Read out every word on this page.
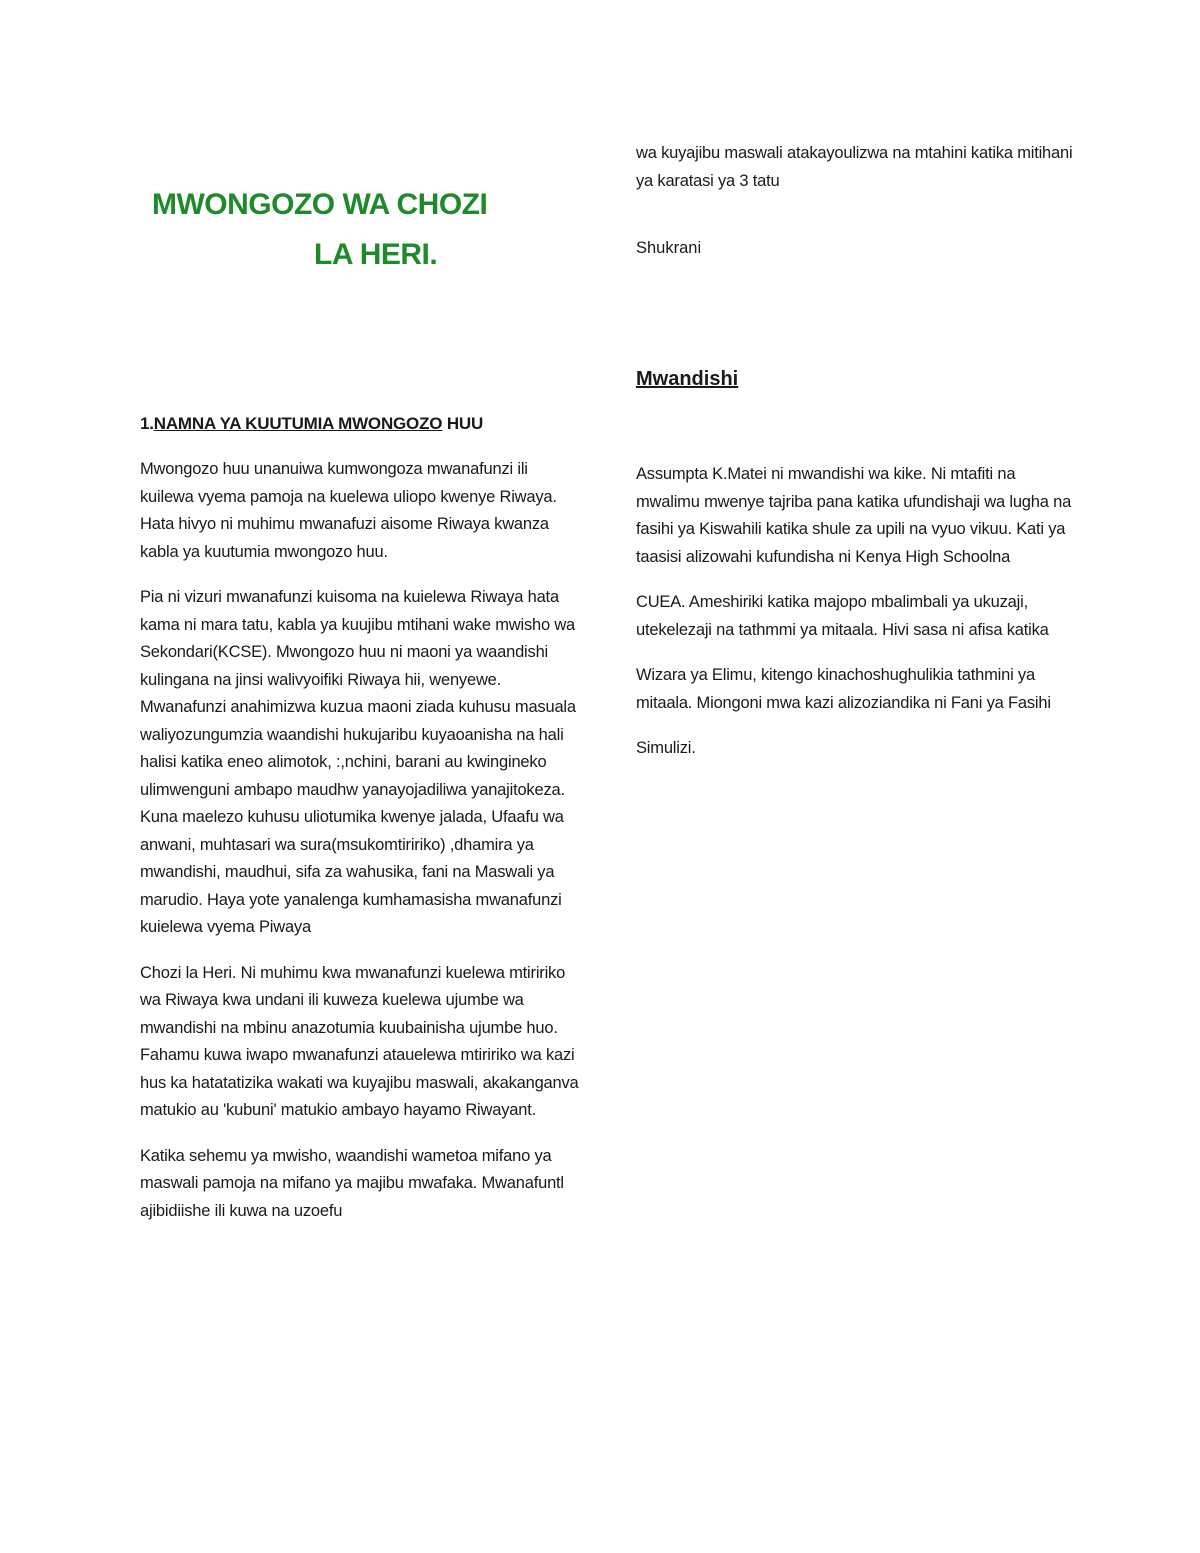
MWONGOZO WA CHOZI
LA HERI.
1.NAMNA YA KUUTUMIA MWONGOZO HUU

Mwongozo huu unanuiwa kumwongoza mwanafunzi ili kuilewa vyema pamoja na kuelewa uliopo kwenye Riwaya. Hata hivyo ni muhimu mwanafuzi aisome Riwaya kwanza kabla ya kuutumia mwongozo huu.

Pia ni vizuri mwanafunzi kuisoma na kuielewa Riwaya hata kama ni mara tatu, kabla ya kuujibu mtihani wake mwisho wa Sekondari(KCSE). Mwongozo huu ni maoni ya waandishi kulingana na jinsi walivyoifiki Riwaya hii, wenyewe. Mwanafunzi anahimizwa kuzua maoni ziada kuhusu masuala waliyozungumzia waandishi hukujaribu kuyaoanisha na hali halisi katika eneo alimotok, :,nchini, barani au kwingineko ulimwenguni ambapo maudhw yanayojadiliwa yanajitokeza. Kuna maelezo kuhusu uliotumika kwenye jalada, Ufaafu wa anwani, muhtasari wa sura(msukomtiririko) ,dhamira ya mwandishi, maudhui, sifa za wahusika, fani na Maswali ya marudio. Haya yote yanalenga kumhamasisha mwanafunzi kuielewa vyema Piwaya

Chozi la Heri. Ni muhimu kwa mwanafunzi kuelewa mtiririko wa Riwaya kwa undani ili kuweza kuelewa ujumbe wa mwandishi na mbinu anazotumia kuubainisha ujumbe huo. Fahamu kuwa iwapo mwanafunzi atauelewa mtiririko wa kazi hus ka hatatatizika wakati wa kuyajibu maswali, akakanganva matukio au 'kubuni' matukio ambayo hayamo Riwayant.

Katika sehemu ya mwisho, waandishi wametoa mifano ya maswali pamoja na mifano ya majibu mwafaka. Mwanafuntl ajibidiishe ili kuwa na uzoefu

wa kuyajibu maswali atakayoulizwa na mtahini katika mitihani ya karatasi ya 3 tatu

Shukrani
Mwandishi

Assumpta K.Matei ni mwandishi wa kike. Ni mtafiti na mwalimu mwenye tajriba pana katika ufundishaji wa lugha na fasihi ya Kiswahili katika shule za upili na vyuo vikuu. Kati ya taasisi alizowahi kufundisha ni Kenya High Schoolna

CUEA. Ameshiriki katika majopo mbalimbali ya ukuzaji, utekelezaji na tathmmi ya mitaala. Hivi sasa ni afisa katika

Wizara ya Elimu, kitengo kinachoshughulikia tathmini ya mitaala. Miongoni mwa kazi alizoziandika ni Fani ya Fasihi

Simulizi.
